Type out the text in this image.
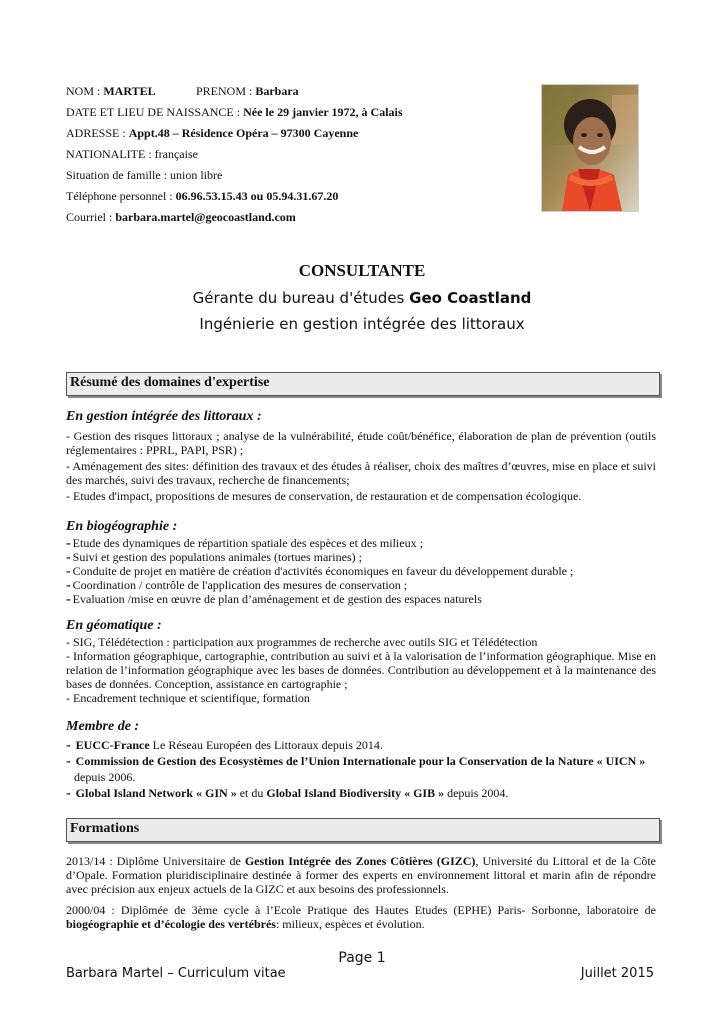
NOM : MARTEL	PRENOM : Barbara
DATE ET LIEU DE NAISSANCE : Née le 29 janvier 1972, à Calais
ADRESSE : Appt.48 – Résidence Opéra – 97300 Cayenne
NATIONALITE : française
Situation de famille : union libre
Téléphone personnel : 06.96.53.15.43 ou 05.94.31.67.20
Courriel : barbara.martel@geocoastland.com
CONSULTANTE
Gérante du bureau d'études Geo Coastland
Ingénierie en gestion intégrée des littoraux
Résumé des domaines d'expertise
En gestion intégrée des littoraux :
- Gestion des risques littoraux ; analyse de la vulnérabilité, étude coût/bénéfice, élaboration de plan de prévention (outils réglementaires : PPRL, PAPI, PSR) ;
- Aménagement des sites: définition des travaux et des études à réaliser, choix des maîtres d’œuvres, mise en place et suivi des marchés, suivi des travaux, recherche de financements;
- Etudes d'impact, propositions de mesures de conservation, de restauration et de compensation écologique.
En biogéographie :
- Etude des dynamiques de répartition spatiale des espèces et des milieux ;
- Suivi et gestion des populations animales (tortues marines) ;
- Conduite de projet en matière de création d'activités économiques en faveur du développement durable ;
- Coordination / contrôle de l'application des mesures de conservation ;
- Evaluation /mise en œuvre de plan d’aménagement et de gestion des espaces naturels
En géomatique :
- SIG, Télédétection : participation aux programmes de recherche avec outils SIG et Télédétection
- Information géographique, cartographie, contribution au suivi et à la valorisation de l’information géographique. Mise en relation de l’information géographique avec les bases de données. Contribution au développement et à la maintenance des bases de données. Conception, assistance en cartographie ;
- Encadrement technique et scientifique, formation
Membre de :
- EUCC-France Le Réseau Européen des Littoraux depuis 2014.
- Commission de Gestion des Ecosystèmes de l’Union Internationale pour la Conservation de la Nature « UICN »
depuis 2006.
- Global Island Network « GIN » et du Global Island Biodiversity « GIB » depuis 2004.
Formations
2013/14 : Diplôme Universitaire de Gestion Intégrée des Zones Côtières (GIZC), Université du Littoral et de la Côte d’Opale. Formation pluridisciplinaire destinée à former des experts en environnement littoral et marin afin de répondre avec précision aux enjeux actuels de la GIZC et aux besoins des professionnels.
2000/04 : Diplômée de 3ème cycle à l’Ecole Pratique des Hautes Etudes (EPHE) Paris- Sorbonne, laboratoire de biogéographie et d’écologie des vertébrés: milieux, espèces et évolution.
Page 1
Barbara Martel – Curriculum vitae	Juillet 2015
